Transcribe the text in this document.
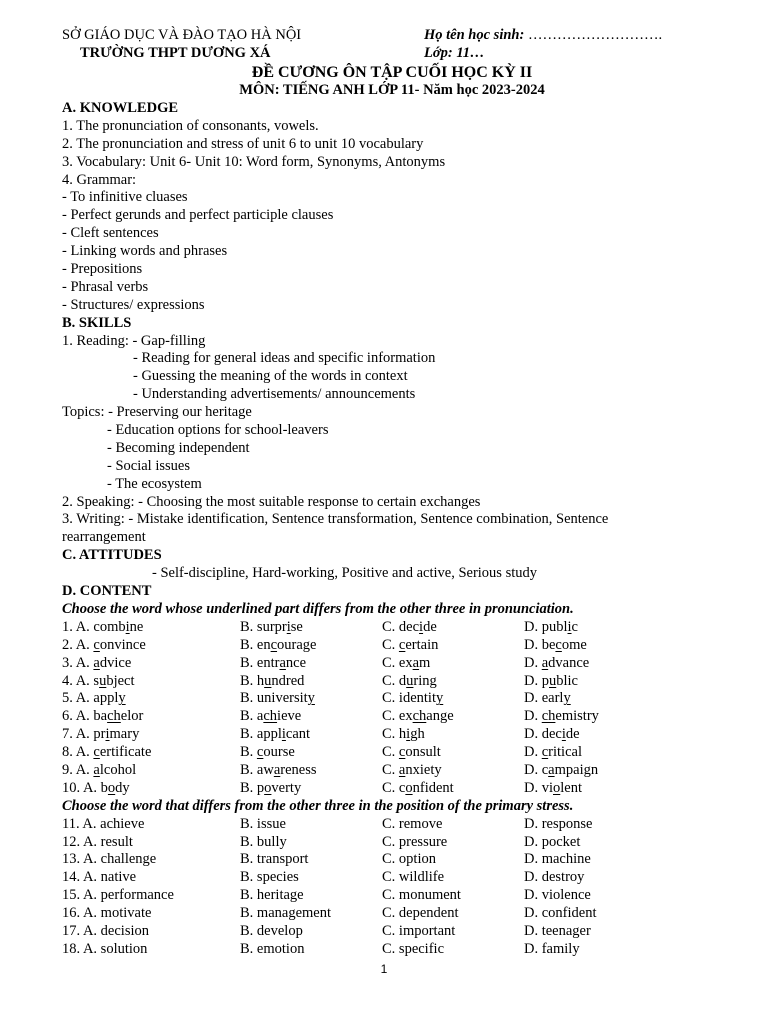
SỞ GIÁO DỤC VÀ ĐÀO TẠO HÀ NỘI	Họ tên học sinh: ……………………….
TRƯỜNG THPT DƯƠNG XÁ	Lớp: 11…
ĐỀ CƯƠNG ÔN TẬP CUỐI HỌC KỲ II
MÔN: TIẾNG ANH LỚP 11- Năm học 2023-2024
A. KNOWLEDGE
1. The pronunciation of consonants, vowels.
2. The pronunciation and stress of unit 6 to unit 10 vocabulary
3. Vocabulary: Unit 6- Unit 10: Word form, Synonyms, Antonyms
4. Grammar:
- To infinitive cluases
- Perfect gerunds and perfect participle clauses
- Cleft sentences
- Linking words and phrases
- Prepositions
- Phrasal verbs
- Structures/ expressions
B. SKILLS
1. Reading: - Gap-filling
- Reading for general ideas and specific information
- Guessing the meaning of the words in context
- Understanding advertisements/ announcements
Topics: - Preserving our heritage
- Education options for school-leavers
- Becoming independent
- Social issues
- The ecosystem
2. Speaking: - Choosing the most suitable response to certain exchanges
3. Writing: - Mistake identification, Sentence transformation, Sentence combination, Sentence
rearrangement
C. ATTITUDES
- Self-discipline, Hard-working, Positive and active, Serious study
D. CONTENT
Choose the word whose underlined part differs from the other three in pronunciation.
1. A. combine	B. surprise	C. decide	D. public
2. A. convince	B. encourage	C. certain	D. become
3. A. advice	B. entrance	C. exam	D. advance
4. A. subject	B. hundred	C. during	D. public
5. A. apply	B. university	C. identity	D. early
6. A. bachelor	B. achieve	C. exchange	D. chemistry
7. A. primary	B. applicant	C. high	D. decide
8. A. certificate	B. course	C. consult	D. critical
9. A. alcohol	B. awareness	C. anxiety	D. campaign
10. A. body	B. poverty	C. confident	D. violent
Choose the word that differs from the other three in the position of the primary stress.
11. A. achieve	B. issue	C. remove	D. response
12. A. result	B. bully	C. pressure	D. pocket
13. A. challenge	B. transport	C. option	D. machine
14. A. native	B. species	C. wildlife	D. destroy
15. A. performance	B. heritage	C. monument	D. violence
16. A. motivate	B. management	C. dependent	D. confident
17. A. decision	B. develop	C. important	D. teenager
18. A. solution	B. emotion	C. specific	D. family
1
